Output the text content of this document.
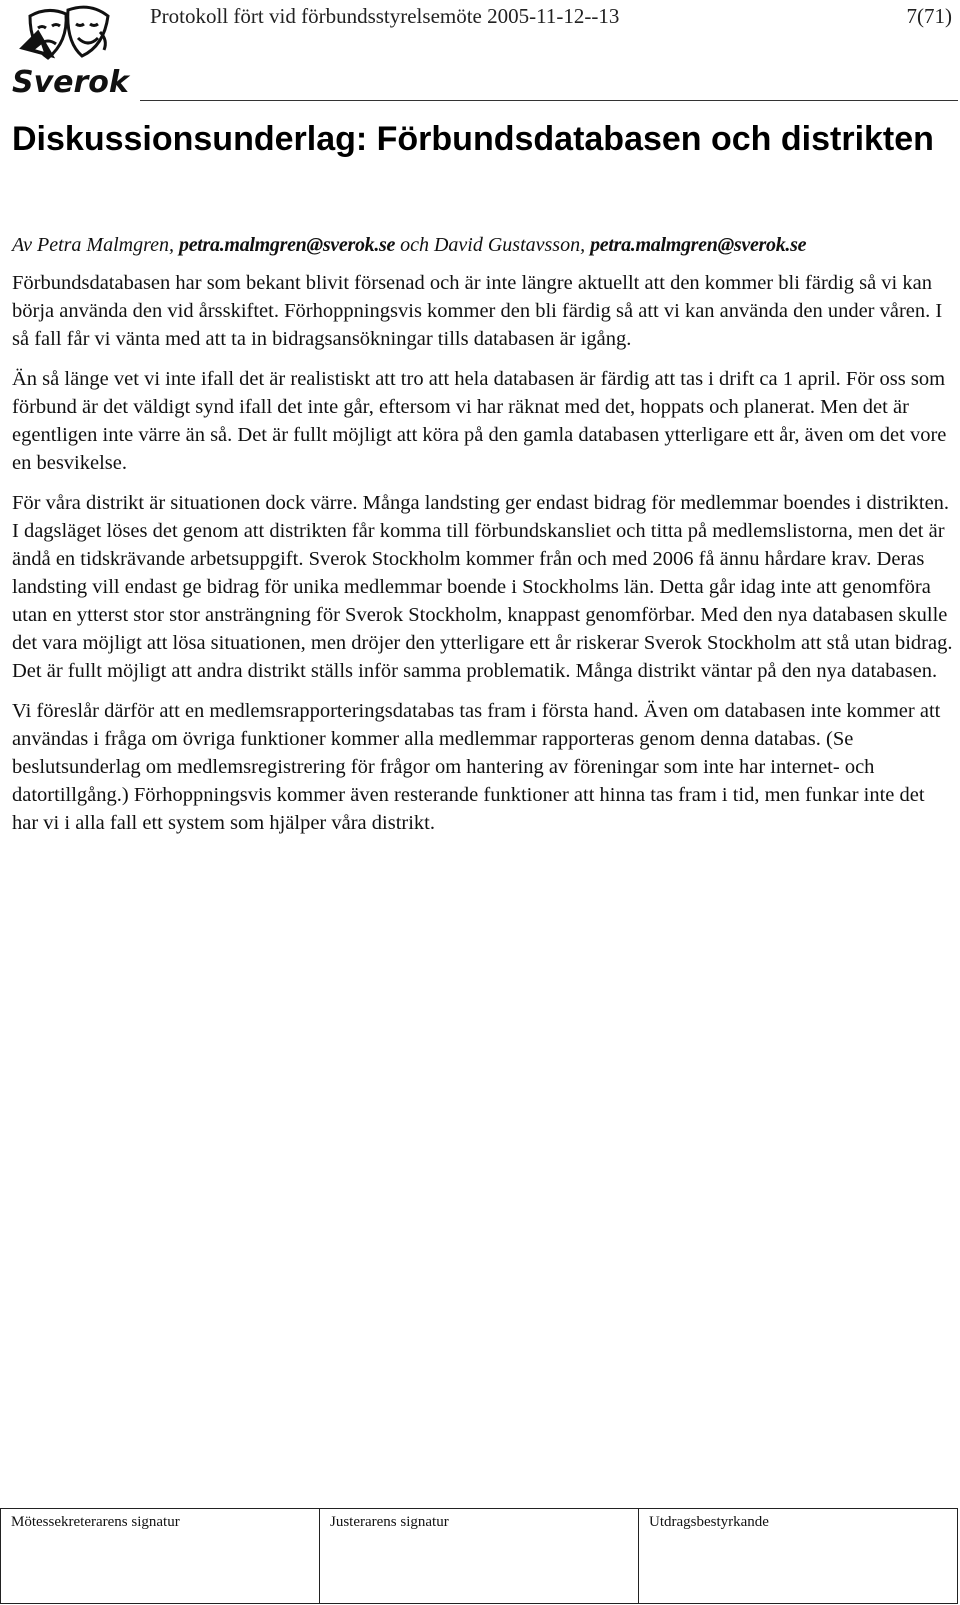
Sverok
Protokoll fört vid förbundsstyrelsemöte 2005-11-12--13	7(71)
Diskussionsunderlag: Förbundsdatabasen och distrikten
Av Petra Malmgren, petra.malmgren@sverok.se och David Gustavsson, petra.malmgren@sverok.se

Förbundsdatabasen har som bekant blivit försenad och är inte längre aktuellt att den kommer bli färdig så vi kan börja använda den vid årsskiftet. Förhoppningsvis kommer den bli färdig så att vi kan använda den under våren. I så fall får vi vänta med att ta in bidragsansökningar tills databasen är igång.

Än så länge vet vi inte ifall det är realistiskt att tro att hela databasen är färdig att tas i drift ca 1 april. För oss som förbund är det väldigt synd ifall det inte går, eftersom vi har räknat med det, hoppats och planerat. Men det är egentligen inte värre än så. Det är fullt möjligt att köra på den gamla databasen ytterligare ett år, även om det vore en besvikelse.

För våra distrikt är situationen dock värre. Många landsting ger endast bidrag för medlemmar boendes i distrikten. I dagsläget löses det genom att distrikten får komma till förbundskansliet och titta på medlemslistorna, men det är ändå en tidskrävande arbetsuppgift. Sverok Stockholm kommer från och med 2006 få ännu hårdare krav. Deras landsting vill endast ge bidrag för unika medlemmar boende i Stockholms län. Detta går idag inte att genomföra utan en ytterst stor stor ansträngning för Sverok Stockholm, knappast genomförbar. Med den nya databasen skulle det vara möjligt att lösa situationen, men dröjer den ytterligare ett år riskerar Sverok Stockholm att stå utan bidrag. Det är fullt möjligt att andra distrikt ställs inför samma problematik. Många distrikt väntar på den nya databasen.

Vi föreslår därför att en medlemsrapporteringsdatabas tas fram i första hand. Även om databasen inte kommer att användas i fråga om övriga funktioner kommer alla medlemmar rapporteras genom denna databas. (Se beslutsunderlag om medlemsregistrering för frågor om hantering av föreningar som inte har internet- och datortillgång.) Förhoppningsvis kommer även resterande funktioner att hinna tas fram i tid, men funkar inte det har vi i alla fall ett system som hjälper våra distrikt.

Mötessekreterarens signatur	Justerarens signatur	Utdragsbestyrkande
